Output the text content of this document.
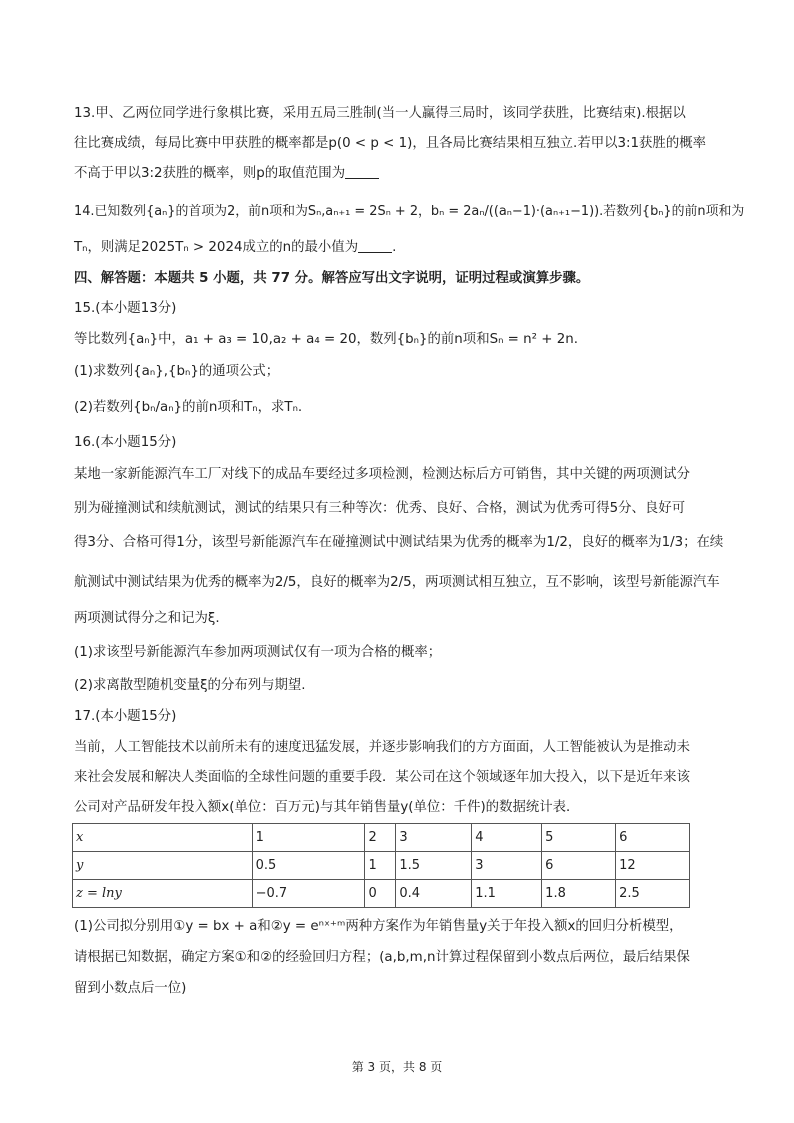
13.甲、乙两位同学进行象棋比赛，采用五局三胜制(当一人赢得三局时，该同学获胜，比赛结束).根据以
往比赛成绩，每局比赛中甲获胜的概率都是p(0 < p < 1)，且各局比赛结果相互独立.若甲以3:1获胜的概率
不高于甲以3:2获胜的概率，则p的取值范围为
14.已知数列{aₙ}的首项为2，前n项和为Sₙ,aₙ₊₁ = 2Sₙ + 2，bₙ = 2aₙ/((aₙ−1)·(aₙ₊₁−1)).若数列{bₙ}的前n项和为
Tₙ，则满足2025Tₙ > 2024成立的n的最小值为	.
四、解答题：本题共 5 小题，共 77 分。解答应写出文字说明，证明过程或演算步骤。
15.(本小题13分)
等比数列{aₙ}中，a₁ + a₃ = 10,a₂ + a₄ = 20，数列{bₙ}的前n项和Sₙ = n² + 2n.
(1)求数列{aₙ},{bₙ}的通项公式；
(2)若数列{bₙ/aₙ}的前n项和Tₙ，求Tₙ.
16.(本小题15分)
某地一家新能源汽车工厂对线下的成品车要经过多项检测，检测达标后方可销售，其中关键的两项测试分
别为碰撞测试和续航测试，测试的结果只有三种等次：优秀、良好、合格，测试为优秀可得5分、良好可
得3分、合格可得1分，该型号新能源汽车在碰撞测试中测试结果为优秀的概率为1/2，良好的概率为1/3；在续
航测试中测试结果为优秀的概率为2/5，良好的概率为2/5，两项测试相互独立，互不影响，该型号新能源汽车
两项测试得分之和记为ξ.
(1)求该型号新能源汽车参加两项测试仅有一项为合格的概率；
(2)求离散型随机变量ξ的分布列与期望.
17.(本小题15分)
当前，人工智能技术以前所未有的速度迅猛发展，并逐步影响我们的方方面面，人工智能被认为是推动未
来社会发展和解决人类面临的全球性问题的重要手段．某公司在这个领域逐年加大投入，以下是近年来该
公司对产品研发年投入额x(单位：百万元)与其年销售量y(单位：千件)的数据统计表．
x	1	2	3	4	5	6
y	0.5	1	1.5	3	6	12
z = lny	−0.7	0	0.4	1.1	1.8	2.5
(1)公司拟分别用①y = bx + a和②y = eⁿˣ⁺ᵐ两种方案作为年销售量y关于年投入额x的回归分析模型，
请根据已知数据，确定方案①和②的经验回归方程；(a,b,m,n计算过程保留到小数点后两位，最后结果保
留到小数点后一位)
第 3 页，共 8 页
